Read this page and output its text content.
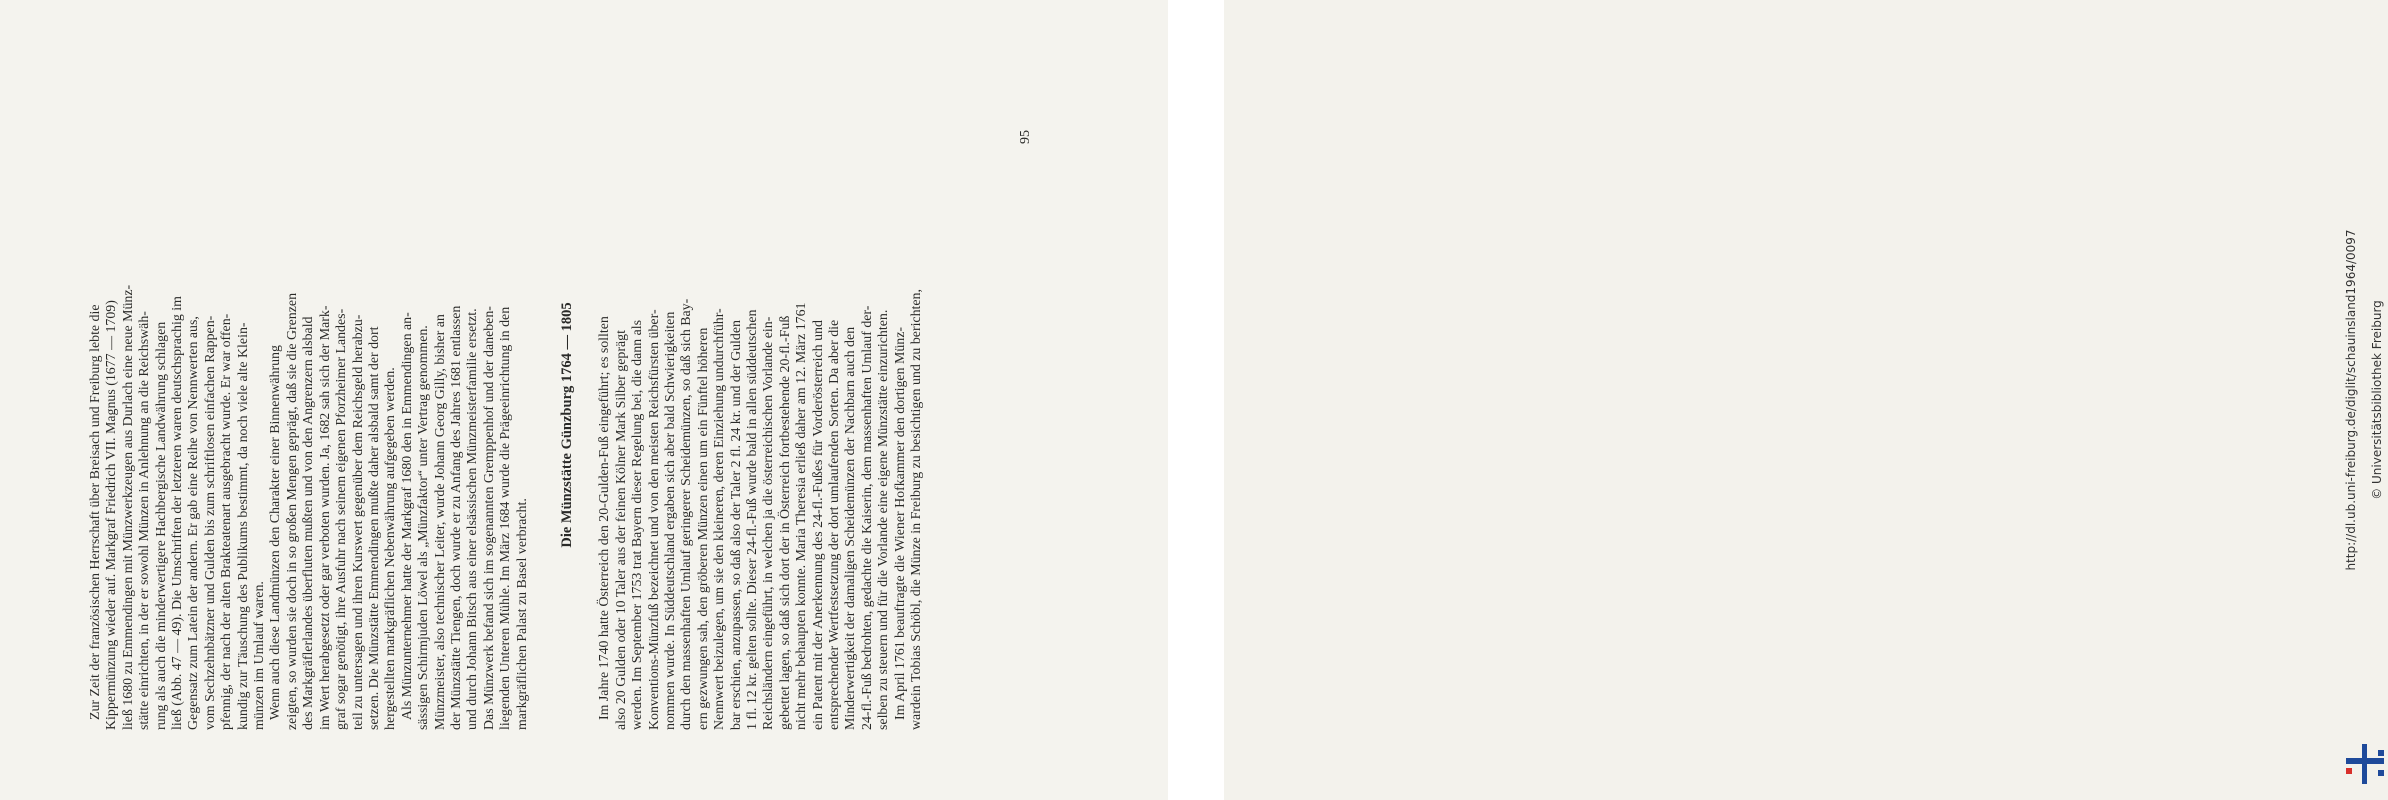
Zur Zeit der französischen Herrschaft über Breisach und Freiburg lebte die
Kippermünzung wieder auf. Markgraf Friedrich VII. Magnus (1677 — 1709)
ließ 1680 zu Emmendingen mit Münzwerkzeugen aus Durlach eine neue Münz-
stätte einrichten, in der er sowohl Münzen in Anlehnung an die Reichswäh-
rung als auch die minderwertigere Hachbergische Landwährung schlagen
ließ (Abb. 47 — 49). Die Umschriften der letzteren waren deutschsprachig im
Gegensatz zum Latein der andern. Er gab eine Reihe von Nennwerten aus,
vom Sechzehnbätzner und Gulden bis zum schriftlosen einfachen Rappen-
pfennig, der nach der alten Brakteatenart ausgebracht wurde. Er war offen-
kundig zur Täuschung des Publikums bestimmt, da noch viele alte Klein-
münzen im Umlauf waren.

Wenn auch diese Landmünzen den Charakter einer Binnenwährung
zeigten, so wurden sie doch in so großen Mengen geprägt, daß sie die Grenzen
des Markgräflerlandes überfluten mußten und von den Angrenzern alsbald
im Wert herabgesetzt oder gar verboten wurden. Ja, 1682 sah sich der Mark-
graf sogar genötigt, ihre Ausfuhr nach seinem eigenen Pforzheimer Landes-
teil zu untersagen und ihren Kurswert gegenüber dem Reichsgeld herabzu-
setzen. Die Münzstätte Emmendingen mußte daher alsbald samt der dort
hergestellten markgräflichen Nebenwährung aufgegeben werden.

Als Münzunternehmer hatte der Markgraf 1680 den in Emmendingen an-
sässigen Schirmjuden Löwel als „Münzfaktor“ unter Vertrag genommen.
Münzmeister, also technischer Leiter, wurde Johann Georg Gilly, bisher an
der Münzstätte Tiengen, doch wurde er zu Anfang des Jahres 1681 entlassen
und durch Johann Bitsch aus einer elsässischen Münzmeisterfamilie ersetzt.
Das Münzwerk befand sich im sogenannten Gremppenhof und der daneben-
liegenden Unteren Mühle. Im März 1684 wurde die Prägeeinrichtung in den
markgräflichen Palast zu Basel verbracht. Die Münzstätte Günzburg 1764 — 1805

Im Jahre 1740 hatte Österreich den 20-Gulden-Fuß eingeführt; es sollten
also 20 Gulden oder 10 Taler aus der feinen Kölner Mark Silber geprägt
werden. Im September 1753 trat Bayern dieser Regelung bei, die dann als
Konventions-Münzfuß bezeichnet und von den meisten Reichsfürsten über-
nommen wurde. In Süddeutschland ergaben sich aber bald Schwierigkeiten
durch den massenhaften Umlauf geringerer Scheidemünzen, so daß sich Bay-
ern gezwungen sah, den gröberen Münzen einen um ein Fünftel höheren
Nennwert beizulegen, um sie den kleineren, deren Einziehung undurchführ-
bar erschien, anzupassen, so daß also der Taler 2 fl. 24 kr. und der Gulden
1 fl. 12 kr. gelten sollte. Dieser 24-fl.-Fuß wurde bald in allen süddeutschen
Reichsländern eingeführt, in welchen ja die österreichischen Vorlande ein-
gebettet lagen, so daß sich dort der in Österreich fortbestehende 20-fl.-Fuß
nicht mehr behaupten konnte. Maria Theresia erließ daher am 12. März 1761
ein Patent mit der Anerkennung des 24-fl.-Fußes für Vorderösterreich und
entsprechender Wertfestsetzung der dort umlaufenden Sorten. Da aber die
Minderwertigkeit der damaligen Scheidemünzen der Nachbarn auch den
24-fl.-Fuß bedrohten, gedachte die Kaiserin, dem massenhaften Umlauf der-
selben zu steuern und für die Vorlande eine eigene Münzstätte einzurichten.

Im April 1761 beauftragte die Wiener Hofkammer den dortigen Münz-
wardein Tobias Schöbl, die Münze in Freiburg zu besichtigen und zu berichten,

95
http://dl.ub.uni-freiburg.de/diglit/schauinsland1964/0097 © Universitätsbibliothek Freiburg
